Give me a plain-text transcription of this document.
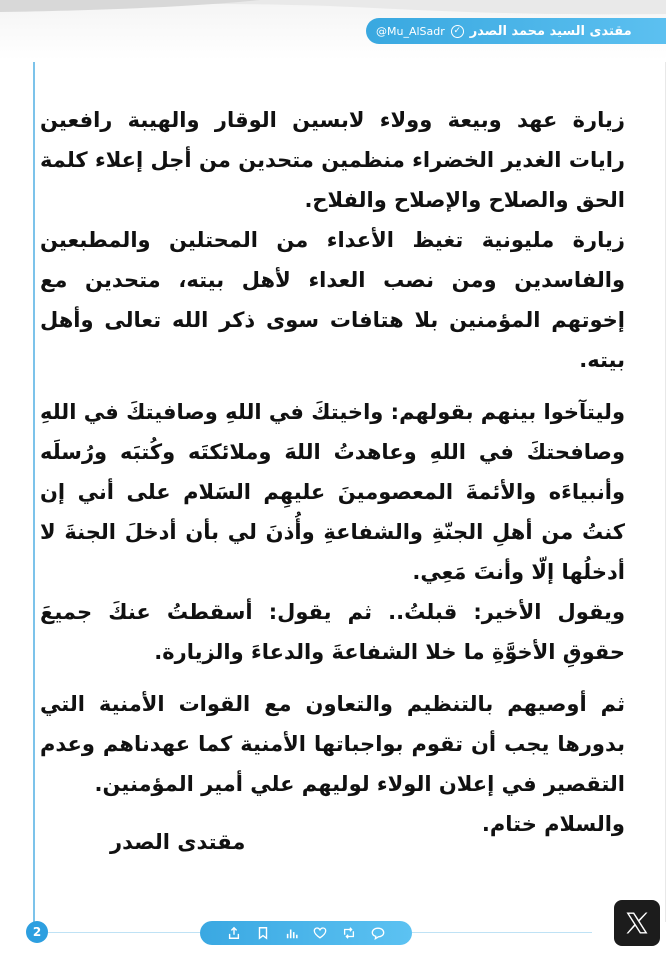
مقتدى السيد محمد الصدر
✓
@Mu_AlSadr

زيارة عهد وبيعة وولاء لابسين الوقار والهيبة رافعين رايات الغدير الخضراء منظمين متحدين من أجل إعلاء كلمة الحق والصلاح والإصلاح والفلاح.

زيارة مليونية تغيظ الأعداء من المحتلين والمطبعين والفاسدين ومن نصب العداء لأهل بيته، متحدين مع إخوتهم المؤمنين بلا هتافات سوى ذكر الله تعالى وأهل بيته.

وليتآخوا بينهم بقولهم: واخيتكَ في اللهِ وصافيتكَ في اللهِ وصافحتكَ في اللهِ وعاهدتُ اللهَ وملائكتَه وكُتبَه ورُسلَه وأنبياءَه والأئمةَ المعصومينَ عليهِم السَلام على أني إن كنتُ من أهلِ الجنّةِ والشفاعةِ وأُذنَ لي بأن أدخلَ الجنةَ لا أدخلُها إلّا وأنتَ مَعِي.

ويقول الأخير: قبلتُ.. ثم يقول: أسقطتُ عنكَ جميعَ حقوقِ الأخوَّةِ ما خلا الشفاعةَ والدعاءَ والزيارة.

ثم أوصيهم بالتنظيم والتعاون مع القوات الأمنية التي بدورها يجب أن تقوم بواجباتها الأمنية كما عهدناهم وعدم التقصير في إعلان الولاء لوليهم علي أمير المؤمنين.

والسلام ختام.

مقتدى الصدر
2
